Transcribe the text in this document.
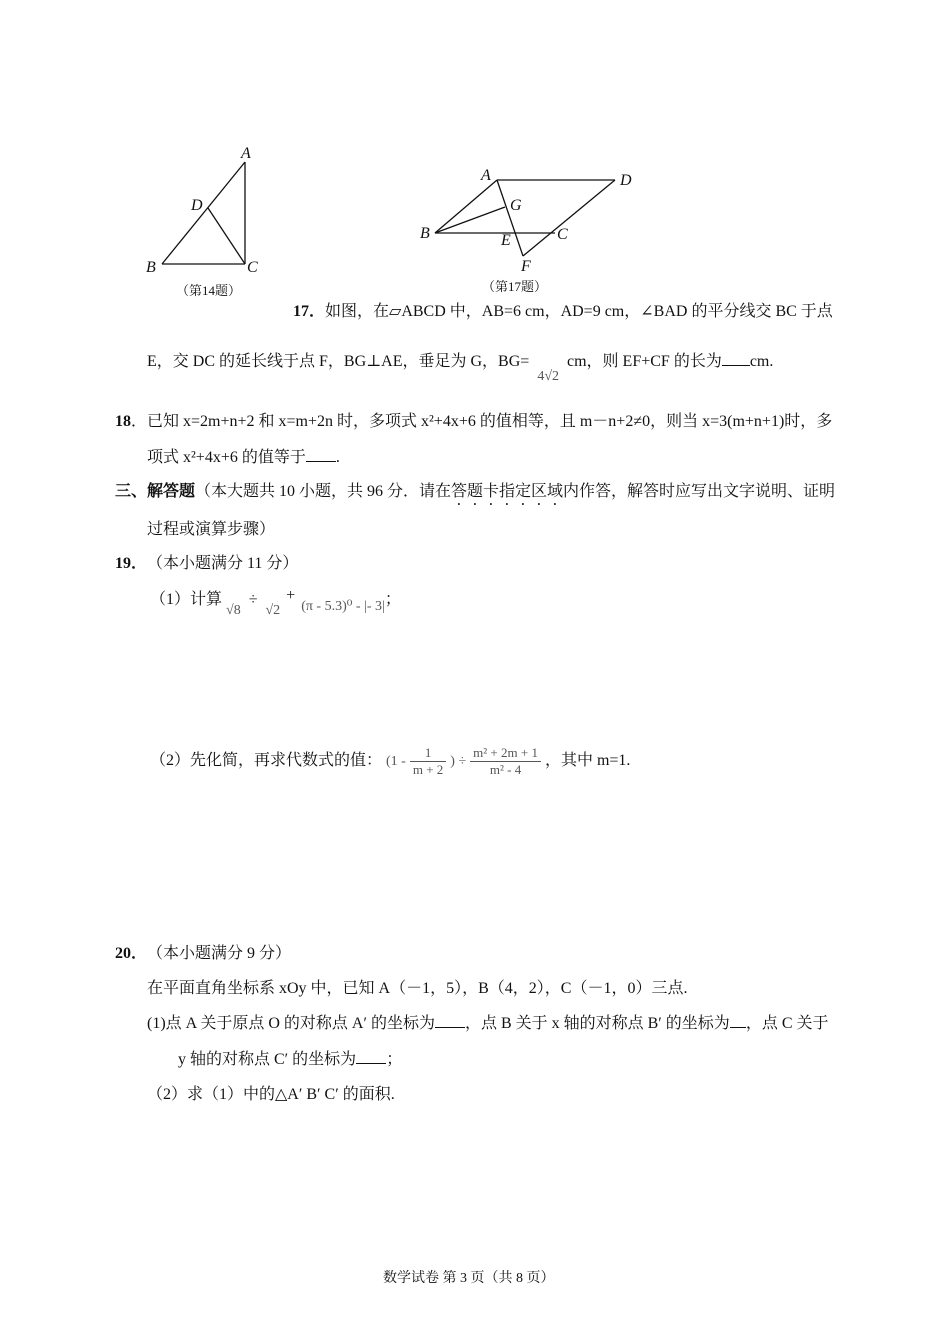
A
D
B	C
（第14题）
A	D
G
B	E	C
F
（第17题）
17．如图，在▱ABCD 中，AB=6 cm，AD=9 cm，∠BAD 的平分线交 BC 于点
E，交 DC 的延长线于点 F，BG⊥AE，垂足为 G，BG= 4√2 cm，则 EF+CF 的长为 cm.
18．已知 x=2m+n+2 和 x=m+2n 时，多项式 x²+4x+6 的值相等，且 m－n+2≠0，则当 x=3(m+n+1)时，多
项式 x²+4x+6 的值等于 .
三、解答题（本大题共 10 小题，共 96 分．请在答题卡指定区域内作答，解答时应写出文字说明、证明
过程或演算步骤）
19． （本小题满分 11 分）
（1）计算 √8 ÷ √2 + (π - 5.3)⁰ - |- 3|；
（2）先化简，再求代数式的值： ($1 - \frac{1}{m + 2}$ ) ÷ $\frac{\text{m² + 2m + 1}}{\text{m² - 4}}$ ，其中 m=1.
20． （本小题满分 9 分）
在平面直角坐标系 xOy 中，已知 A（－1，5），B（4，2），C（－1，0）三点.
(1)点 A 关于原点 O 的对称点 A′ 的坐标为 ，点 B 关于 x 轴的对称点 B′ 的坐标为 ，点 C 关于
y 轴的对称点 C′ 的坐标为 ；
（2）求（1）中的△A′ B′ C′ 的面积.
数学试卷 第 3 页（共 8 页）
